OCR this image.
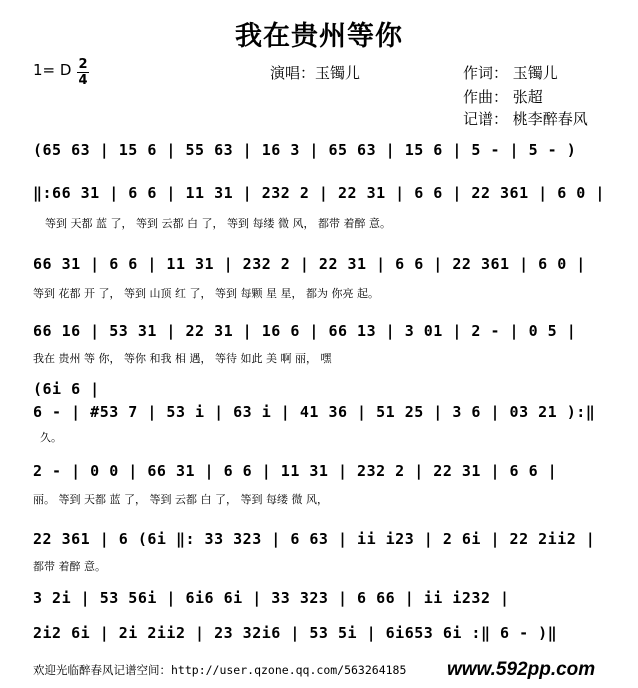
我在贵州等你
1= D 2
4	演唱：玉镯儿	作词： 玉镯儿
作曲： 张超
记谱： 桃李醉春风
(65 63 | 15 6 | 55 63 | 16 3 | 65 63 | 15 6 | 5 - | 5 - )
‖:66 31 | 6 6 | 11 31 | 232 2 | 22 31 | 6 6 | 22 361 | 6 0 |
等到 天都 蓝 了， 等到 云都 白 了， 等到 每缕 微 风， 都带 着醉 意。
66 31 | 6 6 | 11 31 | 232 2 | 22 31 | 6 6 | 22 361 | 6 0 |
等到 花都 开 了， 等到 山顶 红 了， 等到 每颗 星 星， 都为 你亮 起。
66 16 | 53 31 | 22 31 | 16 6 | 66 13 | 3 01 | 2 - | 0 5 |
我在 贵州 等 你， 等你 和我 相 遇， 等待 如此 美 啊 丽， 嘿
(6i 6 |
6 - | #53 7 | 53 i | 63 i | 41 36 | 51 25 | 3 6 | 03 21 ):‖
久。
2 - | 0 0 | 66 31 | 6 6 | 11 31 | 232 2 | 22 31 | 6 6 |
丽。 等到 天都 蓝 了， 等到 云都 白 了， 等到 每缕 微 风，
22 361 | 6 (6i ‖: 33 323 | 6 63 | ii i23 | 2 6i | 22 2ii2 |
都带 着醉 意。
3 2i | 53 56i | 6i6 6i | 33 323 | 6 66 | ii i232 |
2i2 6i | 2i 2ii2 | 23 32i6 | 53 5i | 6i653 6i :‖ 6 - )‖
欢迎光临醉春风记谱空间：http://user.qzone.qq.com/563264185 www.592pp.com
